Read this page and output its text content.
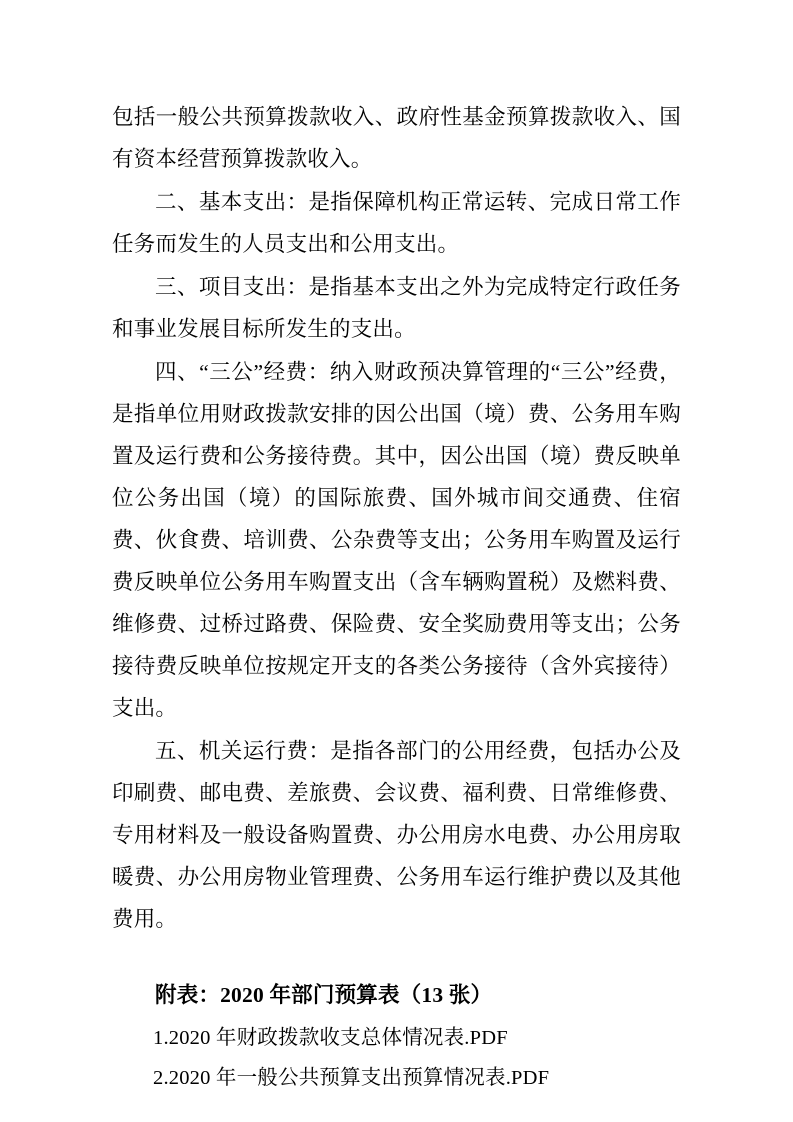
包括一般公共预算拨款收入、政府性基金预算拨款收入、国有资本经营预算拨款收入。

二、基本支出：是指保障机构正常运转、完成日常工作任务而发生的人员支出和公用支出。

三、项目支出：是指基本支出之外为完成特定行政任务和事业发展目标所发生的支出。

四、“三公”经费：纳入财政预决算管理的“三公”经费，是指单位用财政拨款安排的因公出国（境）费、公务用车购置及运行费和公务接待费。其中，因公出国（境）费反映单位公务出国（境）的国际旅费、国外城市间交通费、住宿费、伙食费、培训费、公杂费等支出；公务用车购置及运行费反映单位公务用车购置支出（含车辆购置税）及燃料费、维修费、过桥过路费、保险费、安全奖励费用等支出；公务接待费反映单位按规定开支的各类公务接待（含外宾接待）支出。

五、机关运行费：是指各部门的公用经费，包括办公及印刷费、邮电费、差旅费、会议费、福利费、日常维修费、专用材料及一般设备购置费、办公用房水电费、办公用房取暖费、办公用房物业管理费、公务用车运行维护费以及其他费用。

附表：2020 年部门预算表（13 张）

1.2020 年财政拨款收支总体情况表.PDF

2.2020 年一般公共预算支出预算情况表.PDF
